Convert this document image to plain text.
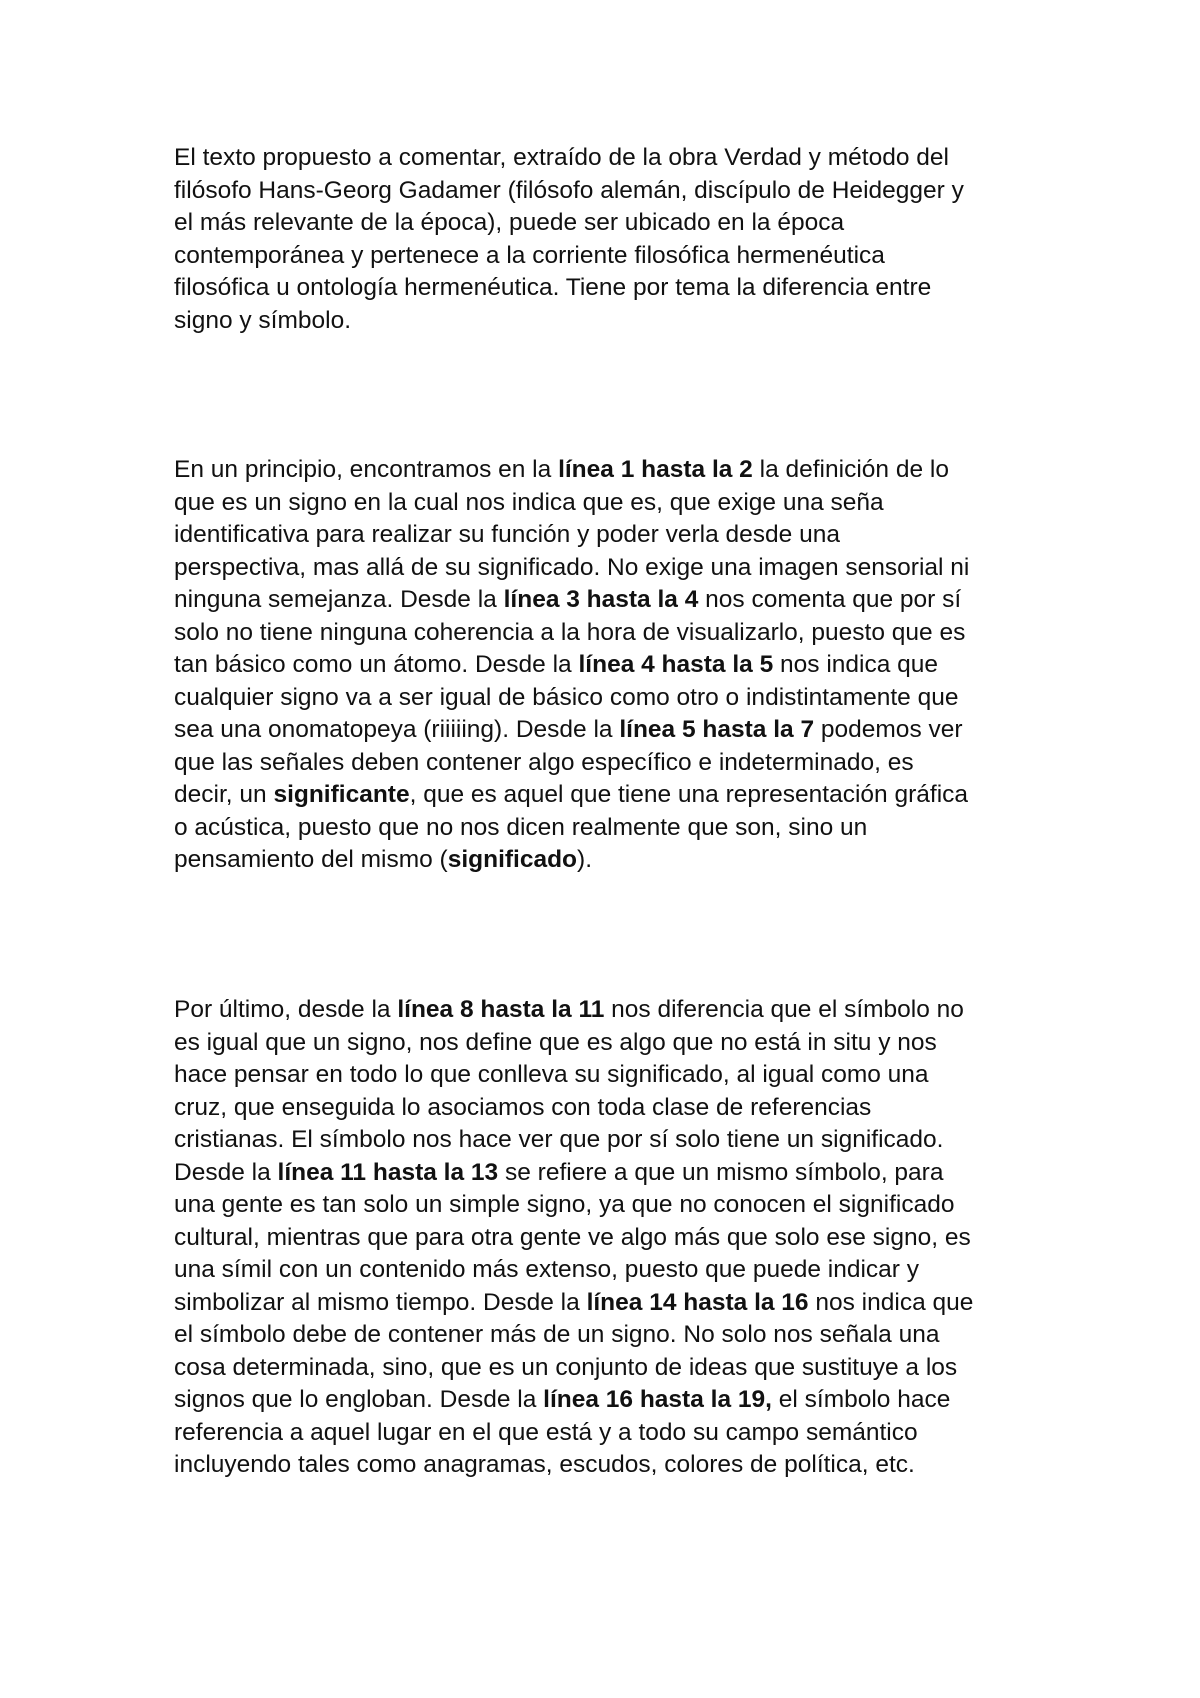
El texto propuesto a comentar, extraído de la obra Verdad y método del
filósofo Hans-Georg Gadamer (filósofo alemán, discípulo de Heidegger y
el más relevante de la época), puede ser ubicado en la época
contemporánea y pertenece a la corriente filosófica hermenéutica
filosófica u ontología hermenéutica. Tiene por tema la diferencia entre
signo y símbolo.

En un principio, encontramos en la línea 1 hasta la 2 la definición de lo
que es un signo en la cual nos indica que es, que exige una seña
identificativa para realizar su función y poder verla desde una
perspectiva, mas allá de su significado. No exige una imagen sensorial ni
ninguna semejanza. Desde la línea 3 hasta la 4 nos comenta que por sí
solo no tiene ninguna coherencia a la hora de visualizarlo, puesto que es
tan básico como un átomo. Desde la línea 4 hasta la 5 nos indica que
cualquier signo va a ser igual de básico como otro o indistintamente que
sea una onomatopeya (riiiiing). Desde la línea 5 hasta la 7 podemos ver
que las señales deben contener algo específico e indeterminado, es
decir, un significante, que es aquel que tiene una representación gráfica
o acústica, puesto que no nos dicen realmente que son, sino un
pensamiento del mismo (significado).

Por último, desde la línea 8 hasta la 11 nos diferencia que el símbolo no
es igual que un signo, nos define que es algo que no está in situ y nos
hace pensar en todo lo que conlleva su significado, al igual como una
cruz, que enseguida lo asociamos con toda clase de referencias
cristianas. El símbolo nos hace ver que por sí solo tiene un significado.
Desde la línea 11 hasta la 13 se refiere a que un mismo símbolo, para
una gente es tan solo un simple signo, ya que no conocen el significado
cultural, mientras que para otra gente ve algo más que solo ese signo, es
una símil con un contenido más extenso, puesto que puede indicar y
simbolizar al mismo tiempo. Desde la línea 14 hasta la 16 nos indica que
el símbolo debe de contener más de un signo. No solo nos señala una
cosa determinada, sino, que es un conjunto de ideas que sustituye a los
signos que lo engloban. Desde la línea 16 hasta la 19, el símbolo hace
referencia a aquel lugar en el que está y a todo su campo semántico
incluyendo tales como anagramas, escudos, colores de política, etc.
